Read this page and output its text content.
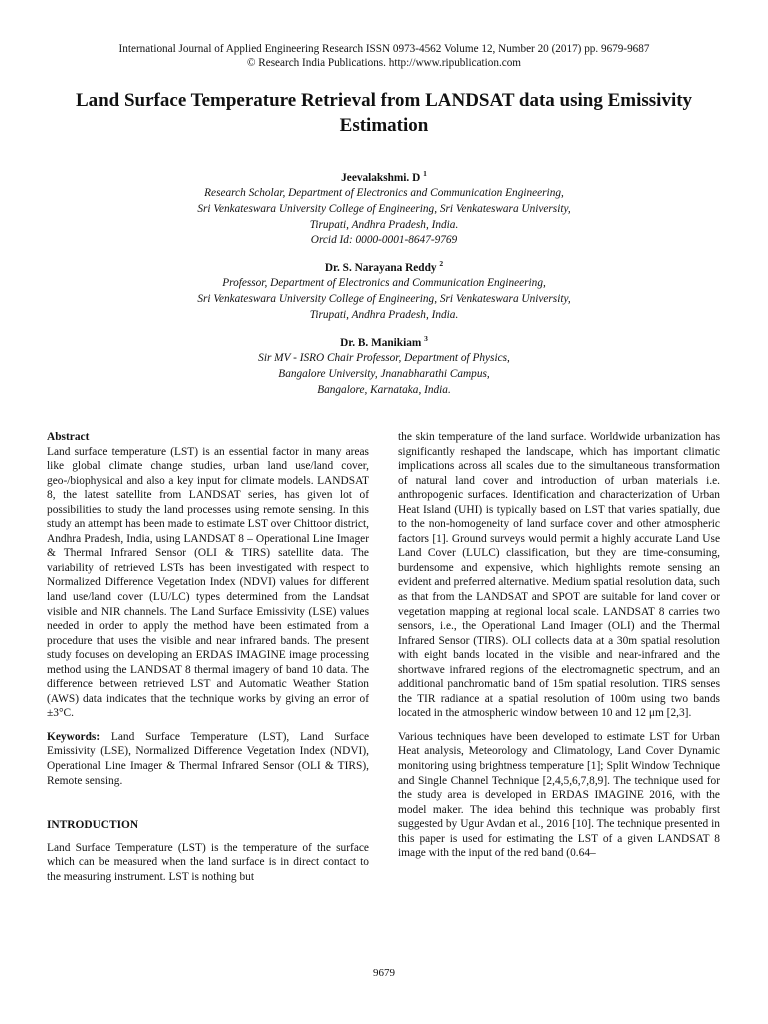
International Journal of Applied Engineering Research ISSN 0973-4562 Volume 12, Number 20 (2017) pp. 9679-9687
© Research India Publications. http://www.ripublication.com
Land Surface Temperature Retrieval from LANDSAT data using Emissivity Estimation
Jeevalakshmi. D $^1$
Research Scholar, Department of Electronics and Communication Engineering,
Sri Venkateswara University College of Engineering, Sri Venkateswara University,
Tirupati, Andhra Pradesh, India.
Orcid Id: 0000-0001-8647-9769
Dr. S. Narayana Reddy $^2$
Professor, Department of Electronics and Communication Engineering,
Sri Venkateswara University College of Engineering, Sri Venkateswara University,
Tirupati, Andhra Pradesh, India.
Dr. B. Manikiam $^3$
Sir MV - ISRO Chair Professor, Department of Physics,
Bangalore University, Jnanabharathi Campus,
Bangalore, Karnataka, India.

Abstract

Land surface temperature (LST) is an essential factor in many areas like global climate change studies, urban land use/land cover, geo-/biophysical and also a key input for climate models. LANDSAT 8, the latest satellite from LANDSAT series, has given lot of possibilities to study the land processes using remote sensing. In this study an attempt has been made to estimate LST over Chittoor district, Andhra Pradesh, India, using LANDSAT 8 – Operational Line Imager & Thermal Infrared Sensor (OLI & TIRS) satellite data. The variability of retrieved LSTs has been investigated with respect to Normalized Difference Vegetation Index (NDVI) values for different land use/land cover (LU/LC) types determined from the Landsat visible and NIR channels. The Land Surface Emissivity (LSE) values needed in order to apply the method have been estimated from a procedure that uses the visible and near infrared bands. The present study focuses on developing an ERDAS IMAGINE image processing method using the LANDSAT 8 thermal imagery of band 10 data. The difference between retrieved LST and Automatic Weather Station (AWS) data indicates that the technique works by giving an error of ±3°C.

Keywords: Land Surface Temperature (LST), Land Surface Emissivity (LSE), Normalized Difference Vegetation Index (NDVI), Operational Line Imager & Thermal Infrared Sensor (OLI & TIRS), Remote sensing.

INTRODUCTION

Land Surface Temperature (LST) is the temperature of the surface which can be measured when the land surface is in direct contact to the measuring instrument. LST is nothing but

the skin temperature of the land surface. Worldwide urbanization has significantly reshaped the landscape, which has important climatic implications across all scales due to the simultaneous transformation of natural land cover and introduction of urban materials i.e. anthropogenic surfaces. Identification and characterization of Urban Heat Island (UHI) is typically based on LST that varies spatially, due to the non-homogeneity of land surface cover and other atmospheric factors [1]. Ground surveys would permit a highly accurate Land Use Land Cover (LULC) classification, but they are time-consuming, burdensome and expensive, which highlights remote sensing an evident and preferred alternative. Medium spatial resolution data, such as that from the LANDSAT and SPOT are suitable for land cover or vegetation mapping at regional local scale. LANDSAT 8 carries two sensors, i.e., the Operational Land Imager (OLI) and the Thermal Infrared Sensor (TIRS). OLI collects data at a 30m spatial resolution with eight bands located in the visible and near-infrared and the shortwave infrared regions of the electromagnetic spectrum, and an additional panchromatic band of 15m spatial resolution. TIRS senses the TIR radiance at a spatial resolution of 100m using two bands located in the atmospheric window between 10 and 12 μm [2,3].

Various techniques have been developed to estimate LST for Urban Heat analysis, Meteorology and Climatology, Land Cover Dynamic monitoring using brightness temperature [1]; Split Window Technique and Single Channel Technique [2,4,5,6,7,8,9]. The technique used for the study area is developed in ERDAS IMAGINE 2016, with the model maker. The idea behind this technique was probably first suggested by Ugur Avdan et al., 2016 [10]. The technique presented in this paper is used for estimating the LST of a given LANDSAT 8 image with the input of the red band (0.64–

9679
